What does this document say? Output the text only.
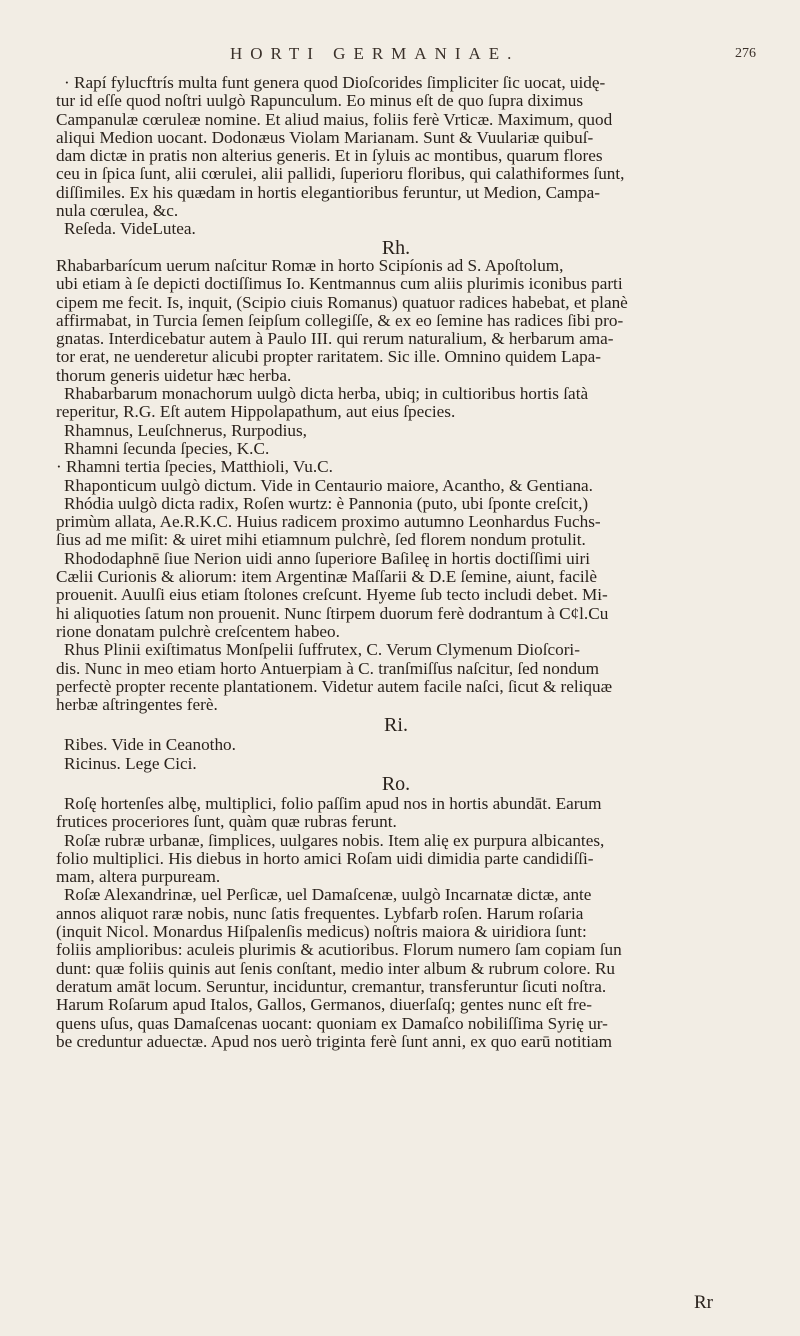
HORTI GERMANIAE.	276
· Rapí fylucftrís multa funt genera quod Dioſcorides ſimpliciter ſic uocat, uidę-
tur id eſſe quod noſtri uulgò Rapunculum. Eo minus eſt de quo ſupra diximus
Campanulæ cœruleæ nomine. Et aliud maius, foliis ferè Vrticæ. Maximum, quod
aliqui Medion uocant. Dodonæus Violam Marianam. Sunt & Vuulariæ quibuſ-
dam dictæ in pratis non alterius generis. Et in ſyluis ac montibus, quarum flores
ceu in ſpica ſunt, alii cœrulei, alii pallidi, ſuperioru floribus, qui calathiformes ſunt,
diſſimiles. Ex his quædam in hortis elegantioribus feruntur, ut Medion, Campa-
nula cœrulea, &c.
Reſeda. VideLutea.
Rh.
Rhabarbarícum uerum naſcitur Romæ in horto Scipíonis ad S. Apoſtolum,
ubi etiam à ſe depicti doctiſſimus Io. Kentmannus cum aliis plurimis iconibus parti
cipem me fecit. Is, inquit, (Scipio ciuis Romanus) quatuor radices habebat, et planè
affirmabat, in Turcia ſemen ſeipſum collegiſſe, & ex eo ſemine has radices ſibi pro-
gnatas. Interdicebatur autem à Paulo III. qui rerum naturalium, & herbarum ama-
tor erat, ne uenderetur alicubi propter raritatem. Sic ille. Omnino quidem Lapa-
thorum generis uidetur hæc herba.
Rhabarbarum monachorum uulgò dicta herba, ubiq; in cultioribus hortis ſatà
reperitur, R.G. Eſt autem Hippolapathum, aut eius ſpecies.
Rhamnus, Leuſchnerus, Rurpodius,
Rhamni ſecunda ſpecies, K.C.
· Rhamni tertia ſpecies, Matthioli, Vu.C.
Rhaponticum uulgò dictum. Vide in Centaurio maiore, Acantho, & Gentiana.
Rhódia uulgò dicta radix, Roſen wurtz: è Pannonia (puto, ubi ſponte creſcit,)
primùm allata, Ae.R.K.C. Huius radicem proximo autumno Leonhardus Fuchs-
ſius ad me miſit: & uiret mihi etiamnum pulchrè, ſed florem nondum protulit.
Rhododaphnē ſiue Nerion uidi anno ſuperiore Baſileę in hortis doctiſſimi uiri
Cælii Curionis & aliorum: item Argentinæ Maſſarii & D.E ſemine, aiunt, facilè
prouenit. Auulſi eius etiam ſtolones creſcunt. Hyeme ſub tecto includi debet. Mi-
hi aliquoties ſatum non prouenit. Nunc ſtirpem duorum ferè dodrantum à C¢l.Cu
rione donatam pulchrè creſcentem habeo.
Rhus Plinii exiſtimatus Monſpelii ſuffrutex, C. Verum Clymenum Dioſcori-
dis. Nunc in meo etiam horto Antuerpiam à C. tranſmiſſus naſcitur, ſed nondum
perfectè propter recente plantationem. Videtur autem facile naſci, ſicut & reliquæ
herbæ aſtringentes ferè.
Ri.
Ribes. Vide in Ceanotho.
Ricinus. Lege Cici.
Ro.
Roſę hortenſes albę, multiplici, folio paſſim apud nos in hortis abundāt. Earum
frutices proceriores ſunt, quàm quæ rubras ferunt.
Roſæ rubræ urbanæ, ſimplices, uulgares nobis. Item alię ex purpura albicantes,
folio multiplici. His diebus in horto amici Roſam uidi dimidia parte candidiſſi-
mam, altera purpuream.
Roſæ Alexandrinæ, uel Perſicæ, uel Damaſcenæ, uulgò Incarnatæ dictæ, ante
annos aliquot raræ nobis, nunc ſatis frequentes. Lybfarb roſen. Harum roſaria
(inquit Nicol. Monardus Hiſpalenſis medicus) noſtris maiora & uiridiora ſunt:
foliis amplioribus: aculeis plurimis & acutioribus. Florum numero ſam copiam ſun
dunt: quæ foliis quinis aut ſenis conſtant, medio inter album & rubrum colore. Ru
deratum amāt locum. Seruntur, inciduntur, cremantur, transferuntur ſicuti noſtra.
Harum Roſarum apud Italos, Gallos, Germanos, diuerſaſq; gentes nunc eſt fre-
quens uſus, quas Damaſcenas uocant: quoniam ex Damaſco nobiliſſima Syrię ur-
be creduntur aduectæ. Apud nos uerò triginta ferè ſunt anni, ex quo earū notitiam
Rr
